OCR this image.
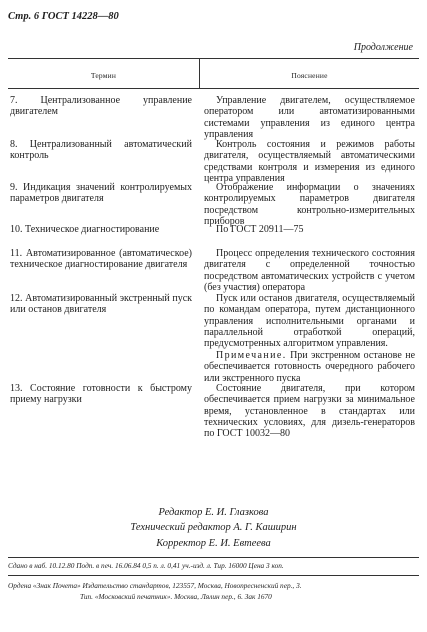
Стр. 6 ГОСТ 14228—80
Продолжение
Термин	Пояснение
7. Централизованное управление двигателем
Управление двигателем, осуществляемое оператором или автоматизированными системами управления из единого центра управления
8. Централизованный автоматический контроль
Контроль состояния и режимов работы двигателя, осуществляемый автоматическими средствами контроля и измерения из единого центра управления
9. Индикация значений контролируемых параметров двигателя
Отображение информации о значениях контролируемых параметров двигателя посредством контрольно-измерительных приборов
10. Техническое диагностирование	По ГОСТ 20911—75
11. Автоматизированное (автоматическое) техническое диагностирование двигателя
Процесс определения технического состояния двигателя с определенной точностью посредством автоматических устройств с учетом (без участия) оператора
12. Автоматизированный экстренный пуск или останов двигателя
Пуск или останов двигателя, осуществляемый по командам оператора, путем дистанционного управления исполнительными органами и параллельной отработкой операций, предусмотренных алгоритмом управления.
Примечание. При экстренном останове не обеспечивается готовность очередного рабочего или экстренного пуска
13. Состояние готовности к быстрому приему нагрузки
Состояние двигателя, при котором обеспечивается прием нагрузки за минимальное время, установленное в стандартах или технических условиях, для дизель-генераторов по ГОСТ 10032—80
Редактор Е. И. Глазкова
Технический редактор А. Г. Каширин
Корректор Е. И. Евтеева
Сдано в наб. 10.12.80 Подп. в печ. 16.06.84 0,5 п. л. 0,41 уч.-изд. л. Тир. 16000 Цена 3 коп.
Ордена «Знак Почета» Издательство стандартов, 123557, Москва, Новопресненский пер., 3.
Тип. «Московский печатник». Москва, Лялин пер., 6. Зак 1670
